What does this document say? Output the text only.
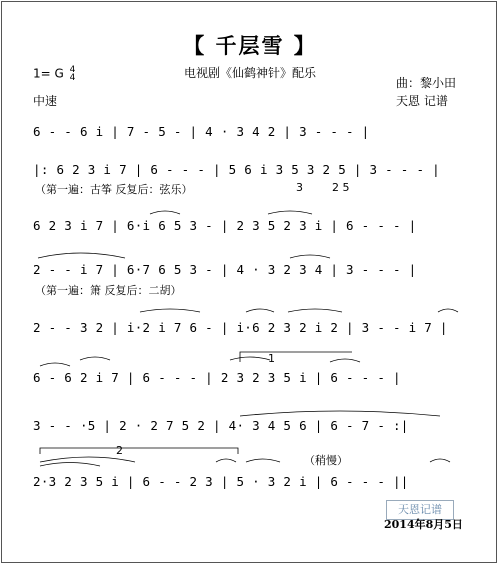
【 千层雪 】
电视剧《仙鹤神针》配乐
1= G 4
4
中速
曲：黎小田
天恩 记谱
6 - - 6 i | 7 - 5 - | 4 · 3 4 2 | 3 - - - |
|: 6 2 3 i 7 | 6 - - - | 5 6 i 3 5 3 2 5 | 3 - - - |
3	2 5
（第一遍：古筝 反复后：弦乐）
6 2 3 i 7 | 6·i 6 5 3 - | 2 3 5 2 3 i | 6 - - - |
2 - - i 7 | 6·7 6 5 3 - | 4 · 3 2 3 4 | 3 - - - |
（第一遍：箫 反复后：二胡）
2 - - 3 2 | i·2 i 7 6 - | i·6 2 3 2 i 2 | 3 - - i 7 |
6 - 6 2 i 7 | 6 - - - | 2 3 2 3 5 i | 6 - - - |
1
3 - - ·5 | 2 · 2 7 5 2 | 4· 3 4 5 6 | 6 - 7 - :|
2
（稍慢）
2·3 2 3 5 i | 6 - - 2 3 | 5 · 3 2 i | 6 - - - ||
天恩记谱
2014年8月5日
